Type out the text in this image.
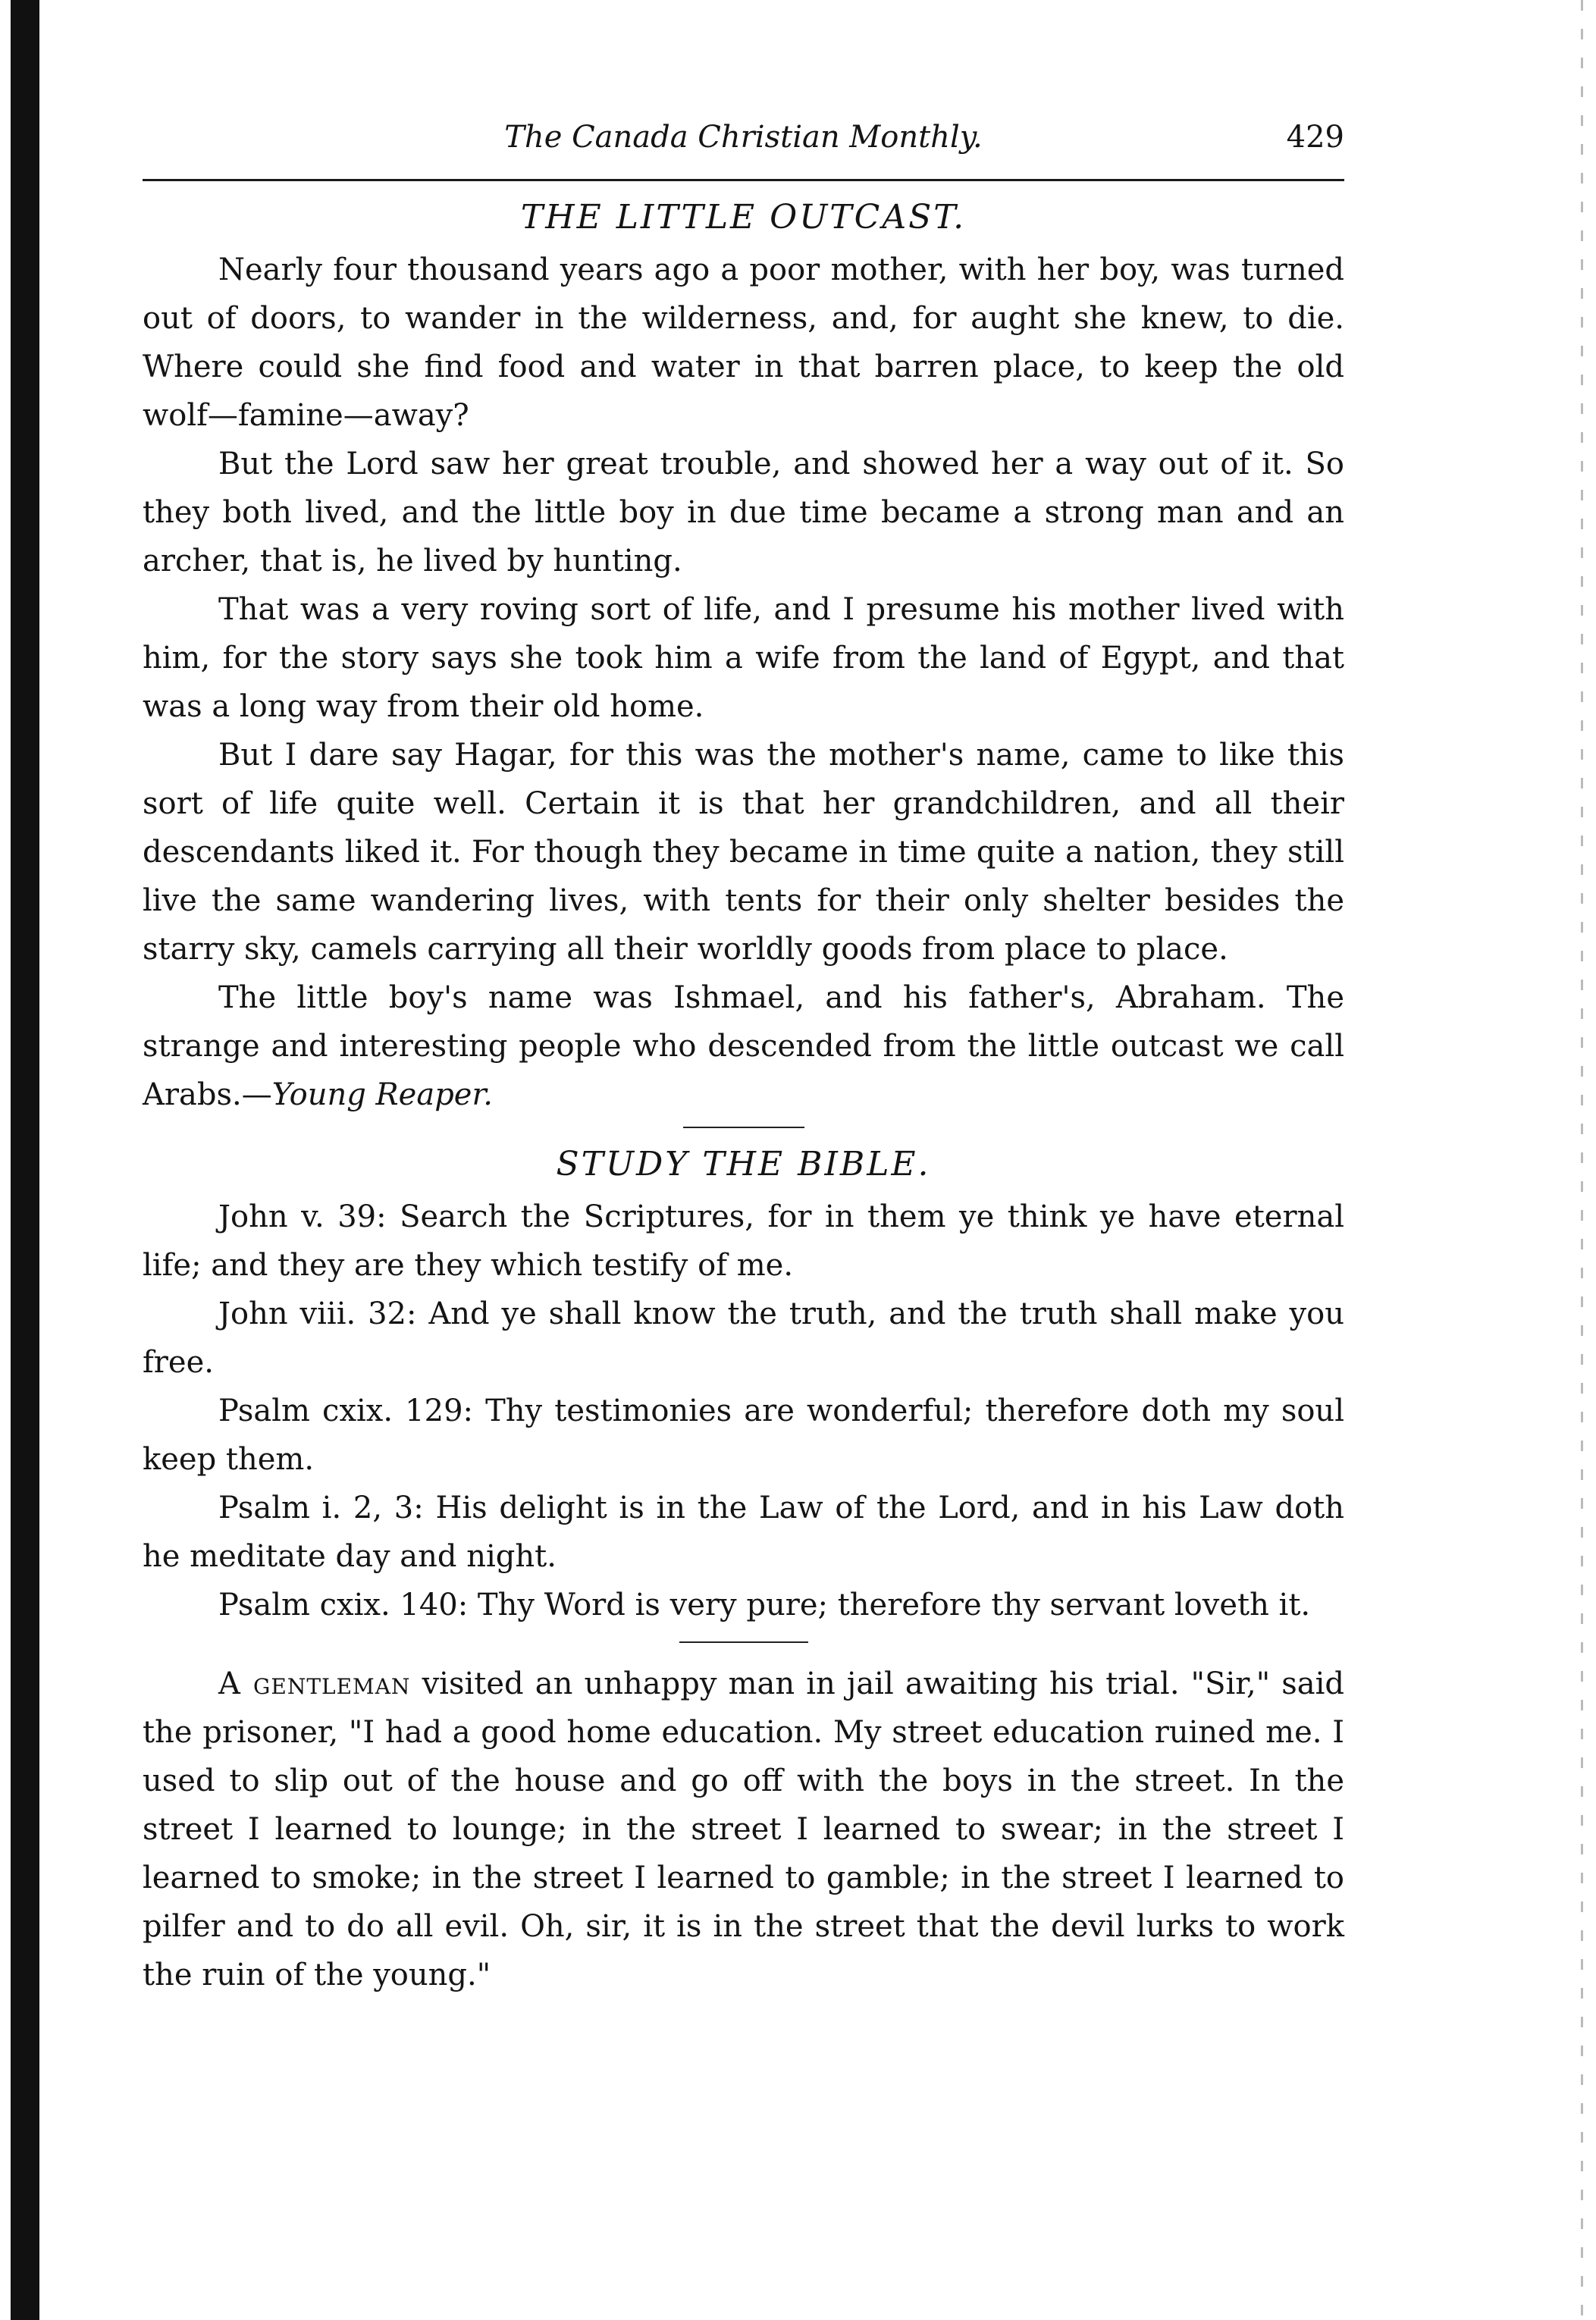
The Canada Christian Monthly.	429
THE LITTLE OUTCAST.

Nearly four thousand years ago a poor mother, with her boy, was turned out of doors, to wander in the wilderness, and, for aught she knew, to die. Where could she find food and water in that barren place, to keep the old wolf—famine—away?

But the Lord saw her great trouble, and showed her a way out of it. So they both lived, and the little boy in due time became a strong man and an archer, that is, he lived by hunting.

That was a very roving sort of life, and I presume his mother lived with him, for the story says she took him a wife from the land of Egypt, and that was a long way from their old home.

But I dare say Hagar, for this was the mother's name, came to like this sort of life quite well. Certain it is that her grandchildren, and all their descendants liked it. For though they became in time quite a nation, they still live the same wandering lives, with tents for their only shelter besides the starry sky, camels carrying all their worldly goods from place to place.

The little boy's name was Ishmael, and his father's, Abraham. The strange and interesting people who descended from the little outcast we call Arabs.—Young Reaper.

STUDY THE BIBLE.

John v. 39: Search the Scriptures, for in them ye think ye have eternal life; and they are they which testify of me.

John viii. 32: And ye shall know the truth, and the truth shall make you free.

Psalm cxix. 129: Thy testimonies are wonderful; therefore doth my soul keep them.

Psalm i. 2, 3: His delight is in the Law of the Lord, and in his Law doth he meditate day and night.

Psalm cxix. 140: Thy Word is very pure; therefore thy servant loveth it.

A gentleman visited an unhappy man in jail awaiting his trial. "Sir," said the prisoner, "I had a good home education. My street education ruined me. I used to slip out of the house and go off with the boys in the street. In the street I learned to lounge; in the street I learned to swear; in the street I learned to smoke; in the street I learned to gamble; in the street I learned to pilfer and to do all evil. Oh, sir, it is in the street that the devil lurks to work the ruin of the young."
